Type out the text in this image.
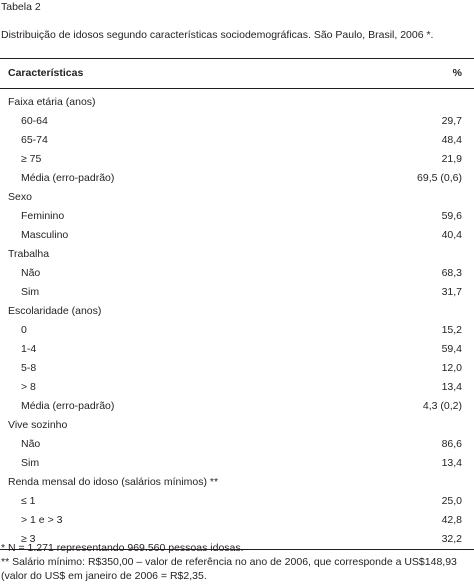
Tabela 2
Distribuição de idosos segundo características sociodemográficas. São Paulo, Brasil, 2006 *.
Características	%
Faixa etária (anos)
60-64	29,7
65-74	48,4
≥ 75	21,9
Média (erro-padrão)	69,5 (0,6)
Sexo
Feminino	59,6
Masculino	40,4
Trabalha
Não	68,3
Sim	31,7
Escolaridade (anos)
0	15,2
1-4	59,4
5-8	12,0
> 8	13,4
Média (erro-padrão)	4,3 (0,2)
Vive sozinho
Não	86,6
Sim	13,4
Renda mensal do idoso (salários mínimos) **
≤ 1	25,0
> 1 e > 3	42,8
≥ 3	32,2
* N = 1.271 representando 969.560 pessoas idosas.
** Salário mínimo: R$350,00 – valor de referência no ano de 2006, que corresponde a US$148,93
(valor do US$ em janeiro de 2006 = R$2,35.
